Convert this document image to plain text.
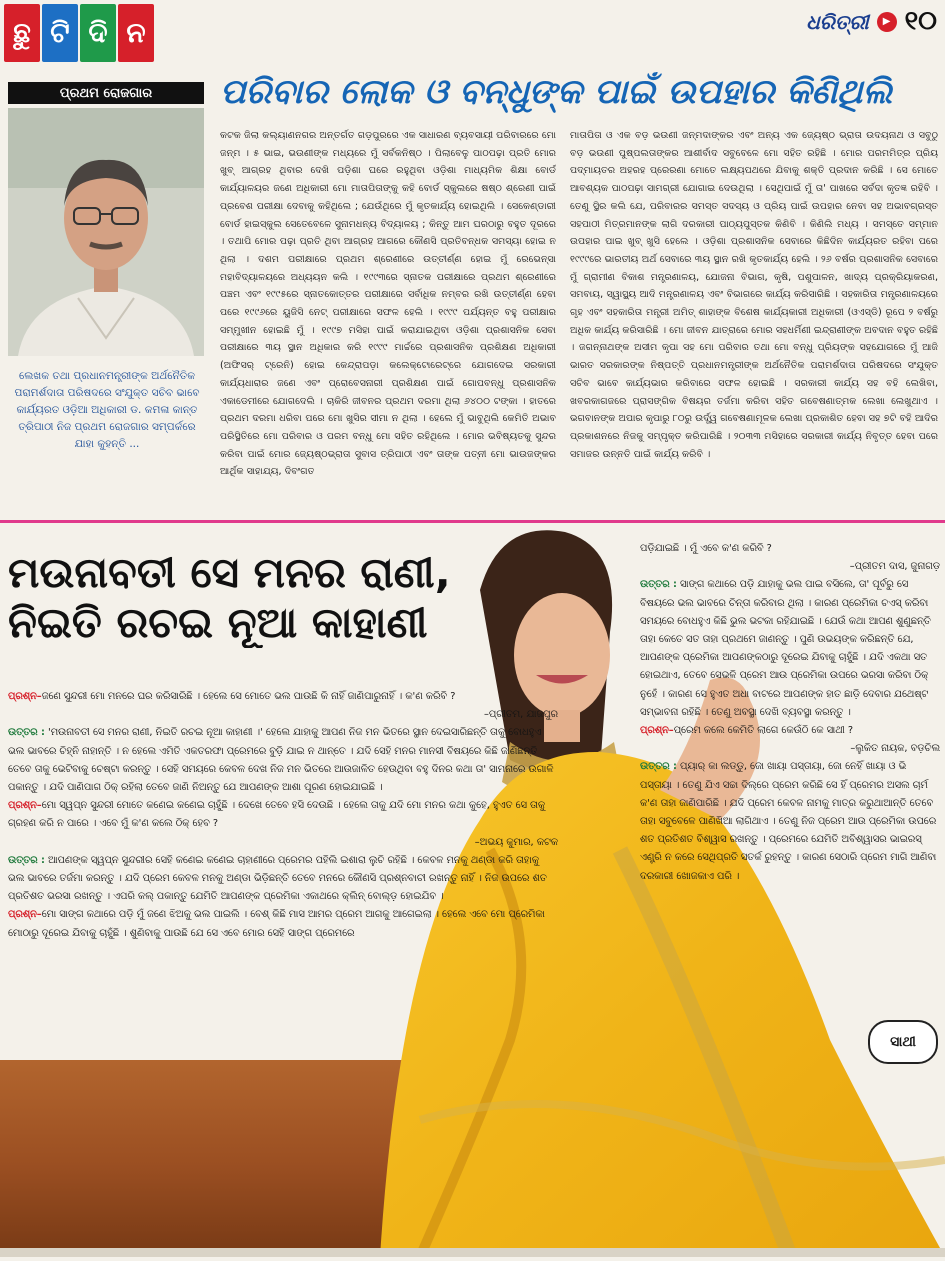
ଛୁ ଟି ଦି ନ	ଧରିତ୍ରୀ	▶ ୧୦
ପ୍ରଥମ ରୋଜଗାର	ପରିବାର ଲୋକ ଓ ବନ୍ଧୁଙ୍କ ପାଇଁ ଉପହାର କିଣିଥିଲି
ଲେଖକ ତଥା ପ୍ରଧାନମନ୍ତ୍ରୀଙ୍କ ଅର୍ଥନୈତିକ ପରାମର୍ଶଦାତା ପରିଷଦରେ ସଂଯୁକ୍ତ ସଚିବ ଭାବେ କାର୍ଯ୍ୟରତ ଓଡ଼ିଆ ଅଧିକାରୀ ଡ. କମଳା କାନ୍ତ ତ୍ରିପାଠୀ ନିଜ ପ୍ରଥମ ରୋଜଗାର ସମ୍ପର୍କରେ ଯାହା କୁହନ୍ତି ...
କଟକ ଜିଲା କଲ୍ୟାଣନଗର ଅନ୍ତର୍ଗତ ଗଡ଼ପୁରରେ ଏକ ସାଧାରଣ ବ୍ୟବସାୟୀ ପରିବାରରେ ମୋ ଜନ୍ମ । ୫ ଭାଇ, ଭଉଣୀଙ୍କ ମଧ୍ୟରେ ମୁଁ ସର୍ବକନିଷ୍ଠ । ପିଲାବେଳୁ ପାଠପଢ଼ା ପ୍ରତି ମୋର ଖୁବ୍ ଆଗ୍ରହ ଥିବାର ଦେଖି ପଡ଼ିଶା ଘରେ ରହୁଥିବା ଓଡ଼ିଶା ମାଧ୍ୟମିକ ଶିକ୍ଷା ବୋର୍ଡ କାର୍ଯ୍ୟାଳୟର ଜଣେ ଅଧିକାରୀ ମୋ ମାତାପିତାଙ୍କୁ କହି ବୋର୍ଡ ସ୍କୁଲରେ ଷଷ୍ଠ ଶ୍ରେଣୀ ପାଇଁ ପ୍ରବେଶ ପରୀକ୍ଷା ଦେବାକୁ କହିଥିଲେ ; ଯେଉଁଥିରେ ମୁଁ କୃତକାର୍ଯ୍ୟ ହୋଇଥିଲି । ସେକେଣ୍ଡାରୀ ବୋର୍ଡ ହାଇସ୍କୁଲ ସେତେବେଳେ ସୁନାମଧନ୍ୟ ବିଦ୍ୟାଳୟ ; କିନ୍ତୁ ଆମ ଘରଠାରୁ ବହୁତ ଦୂରରେ । ତଥାପି ମୋର ପଢ଼ା ପ୍ରତି ଥିବା ଆଗ୍ରହ ଆଗରେ କୌଣସି ପ୍ରତିବନ୍ଧକ ସମସ୍ୟା ହୋଇ ନ ଥିଲା । ଦଶମ ପରୀକ୍ଷାରେ ପ୍ରଥମ ଶ୍ରେଣୀରେ ଉତ୍ତୀର୍ଣ୍ଣ ହୋଇ ମୁଁ ରେଭେନ୍ସା ମହାବିଦ୍ୟାଳୟରେ ଅଧ୍ୟୟନ କଲି । ୧୯୯୩ରେ ସ୍ନାତକ ପରୀକ୍ଷାରେ ପ୍ରଥମ ଶ୍ରେଣୀରେ ପଞ୍ଚମ ଏବଂ ୧୯୯୫ରେ ସ୍ନାତକୋତ୍ତର ପରୀକ୍ଷାରେ ସର୍ବାଧିକ ନମ୍ବର ରଖି ଉତ୍ତୀର୍ଣ୍ଣ ହେବା ପରେ ୧୯୯୬ରେ ୟୁଜିସି ନେଟ୍ ପରୀକ୍ଷାରେ ସଫଳ ହେଲି । ୧୯୯୯ ପର୍ଯ୍ୟନ୍ତ ବହୁ ପରୀକ୍ଷାର ସମ୍ମୁଖୀନ ହୋଇଛି ମୁଁ । ୧୯୯୭ ମସିହା ପାଇଁ କରାଯାଇଥିବା ଓଡ଼ିଶା ପ୍ରଶାସନିକ ସେବା ପରୀକ୍ଷାରେ ୩ୟ ସ୍ଥାନ ଅଧିକାର କରି ୧୯୯୯ ମାର୍ଚ୍ଚରେ ପ୍ରଶାସନିକ ପ୍ରଶିକ୍ଷଣ ଅଧିକାରୀ (ଅଫିସର୍ ଟ୍ରେନି) ହୋଇ କେନ୍ଦ୍ରାପଡ଼ା କଲେକ୍ଟୋରେଟ୍‌ରେ ଯୋଗଦେଇ ସରକାରୀ କାର୍ଯ୍ୟଧାରାର ଜଣେ ଏବଂ ପ୍ରୋବେସନାରୀ ପ୍ରଶିକ୍ଷଣ ପାଇଁ ଗୋପବନ୍ଧୁ ପ୍ରଶାସନିକ ଏକାଡେମୀରେ ଯୋଗଦେଲି । ଚାକିରି ଜୀବନର ପ୍ରଥମ ଦରମା ଥିଲା ୬୪୦୦ ଟଙ୍କା । ହାତରେ ପ୍ରଥମ ଦରମା ଧରିବା ପରେ ମୋ ଖୁସିର ସୀମା ନ ଥିଲା । ହେଲେ ମୁଁ ଭାବୁଥିଲି କେମିତି ଅଭାବ ପରିସ୍ଥିତିରେ ମୋ ପରିବାର ଓ ପରମ ବନ୍ଧୁ ମୋ ସହିତ ରହିଥିଲେ । ମୋର ଭବିଷ୍ୟତକୁ ସୁନ୍ଦର କରିବା ପାଇଁ ମୋର ଜ୍ୟେଷ୍ଠଭ୍ରାତା ସୁବାସ ତ୍ରିପାଠୀ ଏବଂ ତାଙ୍କ ପତ୍ନୀ ମୋ ଭାଉଜଙ୍କର ଆର୍ଥିକ ସାହାଯ୍ୟ, ଦିବଂଗତ
ମାତାପିତା ଓ ଏକ ବଡ଼ ଭଉଣୀ ଜନ୍ମଦାଙ୍କର ଏବଂ ଅନ୍ୟ ଏକ ଜ୍ୟେଷ୍ଠ ଭ୍ରାତା ଉଦୟନାଥ ଓ ସବୁଠୁ ବଡ଼ ଭଉଣୀ ପୁଷ୍ପଲତାଙ୍କର ଆଶୀର୍ବାଦ ସବୁବେଳେ ମୋ ସହିତ ରହିଛି । ମୋର ପରମମିତ୍ର ପ୍ରିୟ ପଦ୍ମାୟତର ଅହରହ ପ୍ରେରଣା ମୋତେ ଲକ୍ଷ୍ୟପଥରେ ଯିବାକୁ ଶକ୍ତି ପ୍ରଦାନ କରିଛି । ସେ ମୋତେ ଆବଶ୍ୟକ ପାଠପଢ଼ା ସାମଗ୍ରୀ ଯୋଗାଇ ଦେଉଥିଲା । ସେଥିପାଇଁ ମୁଁ ତା' ପାଖରେ ସର୍ବଦା କୃତଜ୍ଞ ରହିବି । ତେଣୁ ସ୍ଥିର କଲି ଯେ, ପରିବାରର ସମସ୍ତ ସଦସ୍ୟ ଓ ପ୍ରିୟ ପାଇଁ ଉପହାର ନେବା ସହ ଅଭାବଗ୍ରସ୍ତ ସହପାଠୀ ମିତ୍ରମାନଙ୍କ ଲାଗି ଦରକାରୀ ପାଠ୍ୟପୁସ୍ତକ କିଣିବି । କିଣିଲି ମଧ୍ୟ । ସମସ୍ତେ ସମ୍ମାନ ଉପହାର ପାଇ ଖୁବ୍ ଖୁସି ହେଲେ । ଓଡ଼ିଶା ପ୍ରଶାସନିକ ସେବାରେ କିଛିଦିନ କାର୍ଯ୍ୟରତ ରହିବା ପରେ ୧୯୯୯ରେ ଭାରତୀୟ ଅର୍ଥ ସେବାରେ ୩ୟ ସ୍ଥାନ ରଖି କୃତକାର୍ଯ୍ୟ ହେଲି । ୨୬ ବର୍ଷର ପ୍ରଶାସନିକ ସେବାରେ ମୁଁ ଗ୍ରାମୀଣ ବିକାଶ ମନ୍ତ୍ରଣାଳୟ, ଯୋଜନା ବିଭାଗ, କୃଷି, ପଶୁପାଳନ, ଖାଦ୍ୟ ପ୍ରକ୍ରିୟାକରଣ, ସମବାୟ, ସ୍ୱାସ୍ଥ୍ୟ ଆଦି ମନ୍ତ୍ରଣାଳୟ ଏବଂ ବିଭାଗରେ କାର୍ଯ୍ୟ କରିସାରିଛି । ସହକାରିତା ମନ୍ତ୍ରଣାଳୟରେ ଗୃହ ଏବଂ ସହକାରିତା ମନ୍ତ୍ରୀ ଅମିତ୍ ଶାହାଙ୍କ ବିଶେଷ କାର୍ଯ୍ୟକାରୀ ଅଧିକାରୀ (ଓଏସ୍‌ଡି) ରୂପେ ୨ ବର୍ଷରୁ ଅଧିକ କାର୍ଯ୍ୟ କରିସାରିଛି । ମୋ ଜୀବନ ଯାତ୍ରାରେ ମୋର ସହଧର୍ମିଣୀ ଇନ୍ଦ୍ରାଣୀଙ୍କ ଅବଦାନ ବହୁତ ରହିଛି । ଜଗନ୍ନାଥଙ୍କ ଅସୀମ କୃପା ସହ ମୋ ପରିବାର ତଥା ମୋ ବନ୍ଧୁ ପ୍ରିୟଙ୍କ ସହଯୋଗରେ ମୁଁ ଆଜି ଭାରତ ସରକାରଙ୍କ ନିଷ୍ପତ୍ତି ପ୍ରଧାନମନ୍ତ୍ରୀଙ୍କ ଅର୍ଥନୈତିକ ପରାମର୍ଶଦାତା ପରିଷଦରେ ସଂଯୁକ୍ତ ସଚିବ ଭାବେ କାର୍ଯ୍ୟଭାର କରିବାରେ ସଫଳ ହୋଇଛି । ସରକାରୀ କାର୍ଯ୍ୟ ସହ ବହି ଲେଖିବା, ଖବରକାଗଜରେ ପ୍ରାସଙ୍ଗିକ ବିଷୟର ତର୍ଜମା କରିବା ସହିତ ଗବେଷଣାତ୍ମକ ଲେଖା ଲେଖୁଥାଏ । ଭଗବାନଙ୍କ ଅପାର କୃପାରୁ ୮୦ରୁ ଉର୍ଦ୍ଧ୍ୱ ଗବେଷଣାମୂଳକ ଲେଖା ପ୍ରକାଶିତ ହେବା ସହ ୭ଟି ବହି ଆଦିର ପ୍ରକାଶନରେ ନିଜକୁ ସମ୍ପୃକ୍ତ କରିପାରିଛି । ୨୦୩୩ ମସିହାରେ ସରକାରୀ କାର୍ଯ୍ୟ ନିବୃତ୍ତ ହେବା ପରେ ସମାଜର ଉନ୍ନତି ପାଇଁ କାର୍ଯ୍ୟ କରିବି ।
ସାଥୀ
ମଉନାବତୀ ସେ ମନର ରାଣୀ,
ନିଇତି ରଚଇ ନୂଆ କାହାଣୀ
ପ୍ରଶ୍ନ–ଜଣେ ସୁନ୍ଦରୀ ମୋ ମନରେ ଘର କରିସାରିଛି । ହେଲେ ସେ ମୋତେ ଭଲ ପାଉଛି କି ନାହିଁ ଜାଣିପାରୁନାହିଁ । କ'ଣ କରିବି ?
–ପ୍ରୀତମ, ଯାଜପୁର
ଉତ୍ତର : 'ମଉନାବତୀ ସେ ମନର ରାଣୀ, ନିଇତି ରଚଇ ନୂଆ କାହାଣୀ ।' ହେଲେ ଯାହାକୁ ଆପଣ ନିଜ ମନ ଭିତରେ ସ୍ଥାନ ଦେଇସାରିଛନ୍ତି ତାକୁ ବୋଧହୁଏ ଭଲ ଭାବରେ ଚିହ୍ନି ନାହାନ୍ତି । ନ ହେଲେ ଏମିତି ଏକତରଫା ପ୍ରେମରେ ବୁଡ଼ି ଯାଇ ନ ଥାନ୍ତେ । ଯଦି ସେହି ମନର ମାନସୀ ବିଷୟରେ କିଛି ଜାଣିଛନ୍ତି ତେବେ ତାକୁ ଭେଟିବାକୁ ଚେଷ୍ଟା କରନ୍ତୁ । ସେହି ସମୟରେ କେବଳ ଦେଖ ନିଜ ମନ ଭିତରେ ଆଉଜାଳିତ ହେଉଥିବା ବହୁ ଦିନର କଥା ତା' ସାମନାରେ ଉଗାଳି ପକାନ୍ତୁ । ଯଦି ପାଣିପାଗ ଠିକ୍ ରହିଲା ତେବେ ଜାଣି ନିଅନ୍ତୁ ଯେ ଆପଣଙ୍କ ଆଶା ପୂରଣ ହୋଇଯାଇଛି ।
ପ୍ରଶ୍ନ–ମୋ ସ୍ୱପ୍ନ ସୁନ୍ଦରୀ ମୋତେ କଣେଇ କଣେଇ ଚାହୁଁଛି । ଦେଖେ ତେବେ ହସି ଦେଉଛି । ହେଲେ ତାକୁ ଯଦି ମୋ ମନର କଥା କୁହେ, ହୁଏତ ସେ ତାକୁ ଗ୍ରହଣ କରି ନ ପାରେ । ଏବେ ମୁଁ କ'ଣ କଲେ ଠିକ୍ ହେବ ?
–ଅଭୟ କୁମାର, କଟକ
ଉତ୍ତର : ଆପଣଙ୍କ ସ୍ୱପ୍ନ ସୁନ୍ଦରୀର ସେହି କଣେଇ କଣେଇ ଚାହାଣୀରେ ପ୍ରେମର ପହିଲି ଇଶାରା ଲୁଚି ରହିଛି । କେବଳ ମନକୁ ଥଣ୍ଡା କରି ତାହାକୁ ଭଲ ଭାବରେ ତର୍ଜମା କରନ୍ତୁ । ଯଦି ପ୍ରେମ କେବଳ ମନକୁ ଅଣ୍ଡା ଭିଡ଼ିଛନ୍ତି ତେବେ ମନରେ କୌଣସି ପ୍ରଶ୍ନବାଚୀ ରଖନ୍ତୁ ନାହିଁ । ନିଜ ଉପରେ ଶତ ପ୍ରତିଶତ ଭରସା ରଖନ୍ତୁ । ଏପରି କଲ୍ ପକାନ୍ତୁ ଯେମିତି ଆପଣଙ୍କ ପ୍ରେମିକା ଏକାଥରେ କ୍ଲିନ୍ ବୋଲ୍ଡ଼ ହୋଇଯିବ ।
ପ୍ରଶ୍ନ–ମୋ ସାଙ୍ଗ କଥାରେ ପଡ଼ି ମୁଁ ଜଣେ ଝିଅକୁ ଭଲ ପାଇଲି । ବେଶ୍ କିଛି ମାସ ଆମର ପ୍ରେମ ଆଗକୁ ଆଗେଇଲା । ହେଲେ ଏବେ ମୋ ପ୍ରେମିକା ମୋଠାରୁ ଦୂରେଇ ଯିବାକୁ ଚାହୁଁଛି । ଶୁଣିବାକୁ ପାଉଛି ଯେ ସେ ଏବେ ମୋର ସେହି ସାଙ୍ଗ ପ୍ରେମରେ
ପଡ଼ିଯାଇଛି । ମୁଁ ଏବେ କ'ଣ କରିବି ?
–ପ୍ରୀତମ ଦାସ, ଜୁନାଗଡ଼
ଉତ୍ତର : ସାଙ୍ଗ କଥାରେ ପଡ଼ି ଯାହାକୁ ଭଲ ପାଇ ବସିଲେ, ତା' ପୂର୍ବରୁ ସେ ବିଷୟରେ ଭଲ ଭାବରେ ଚିନ୍ତା କରିବାର ଥିଲା । କାରଣ ପ୍ରେମିକା ଚଏସ୍ କରିବା ସମୟରେ ବୋଧହୁଏ କିଛି ଭୁଲ ଭଟକା ରହିଯାଇଛି । ଯେଉଁ କଥା ଆପଣ ଶୁଣୁଛନ୍ତି ତାହା କେତେ ସତ ତାହା ପ୍ରଥମେ ଜାଣନ୍ତୁ । ପୁଣି ଉଭୟଙ୍କ କରିଛନ୍ତି ଯେ, ଆପଣଙ୍କ ପ୍ରେମିକା ଆପଣଙ୍କଠାରୁ ଦୂରେଇ ଯିବାକୁ ଚାହୁଁଛି । ଯଦି ଏକଥା ସତ ହୋଇଥାଏ, ତେବେ ସେଭଳି ପ୍ରେମ ଆଉ ପ୍ରେମିକା ଉପରେ ଭରସା କରିବା ଠିକ୍ ନୁହେଁ । କାରଣ ସେ ହୁଏତ ଅଧା ବାଟରେ ଆପଣଙ୍କ ହାତ ଛାଡ଼ି ଦେବାର ଯଥେଷ୍ଟ ସମ୍ଭାବନା ରହିଛି । ତେଣୁ ଅବସ୍ଥା ଦେଖି ବ୍ୟବସ୍ଥା କରନ୍ତୁ ।
ପ୍ରଶ୍ନ–ପ୍ରେମ କଲେ କେମିତି ଲାଗେ କେଉଁଠି କେ ସାଥୀ ?
–ଲୁକିତ ନାୟକ, ବଡ଼ଚିଲ
ଉତ୍ତର : ପ୍ୟାର୍ କା ଲଡ୍ଡୁ, ଜୋ ଖାୟା ପସ୍ତାୟା, ଜୋ ନେହିଁ ଖାୟା ଓ ଭି ପସ୍ତାୟା । ତେଣୁ ଯିଏ ସଚ୍ଚା ଦିଲ୍‌ରେ ପ୍ରେମ କରିଛି ସେ ହିଁ ପ୍ରେମର ଅସଲ ଚାର୍ମ କ'ଣ ତାହା ଜାଣିପାରିଛି । ଯଦି ପ୍ରେମ କେବଳ ନାମକୁ ମାତ୍ର କରୁଥାଆନ୍ତି ତେବେ ତାହା ସବୁବେଳେ ପାଣିଖିଆ ଲାଗିଥାଏ । ତେଣୁ ନିଜ ପ୍ରେମ ଆଉ ପ୍ରେମିକା ଉପରେ ଶତ ପ୍ରତିଶତ ବିଶ୍ୱାସ ରଖନ୍ତୁ । ପ୍ରେମରେ ଯେମିତି ଅବିଶ୍ୱାସର ଭାଇରସ୍ ଏଣ୍ଟ୍ରି ନ କରେ ସେଥିପ୍ରତି ସତର୍କ ରୁହନ୍ତୁ । କାରଣ ସେଠାରି ପ୍ରେମ ମାଗି ଆଣିବା ଦରକାରୀ ଖୋଜକାଏ ପରି ।
